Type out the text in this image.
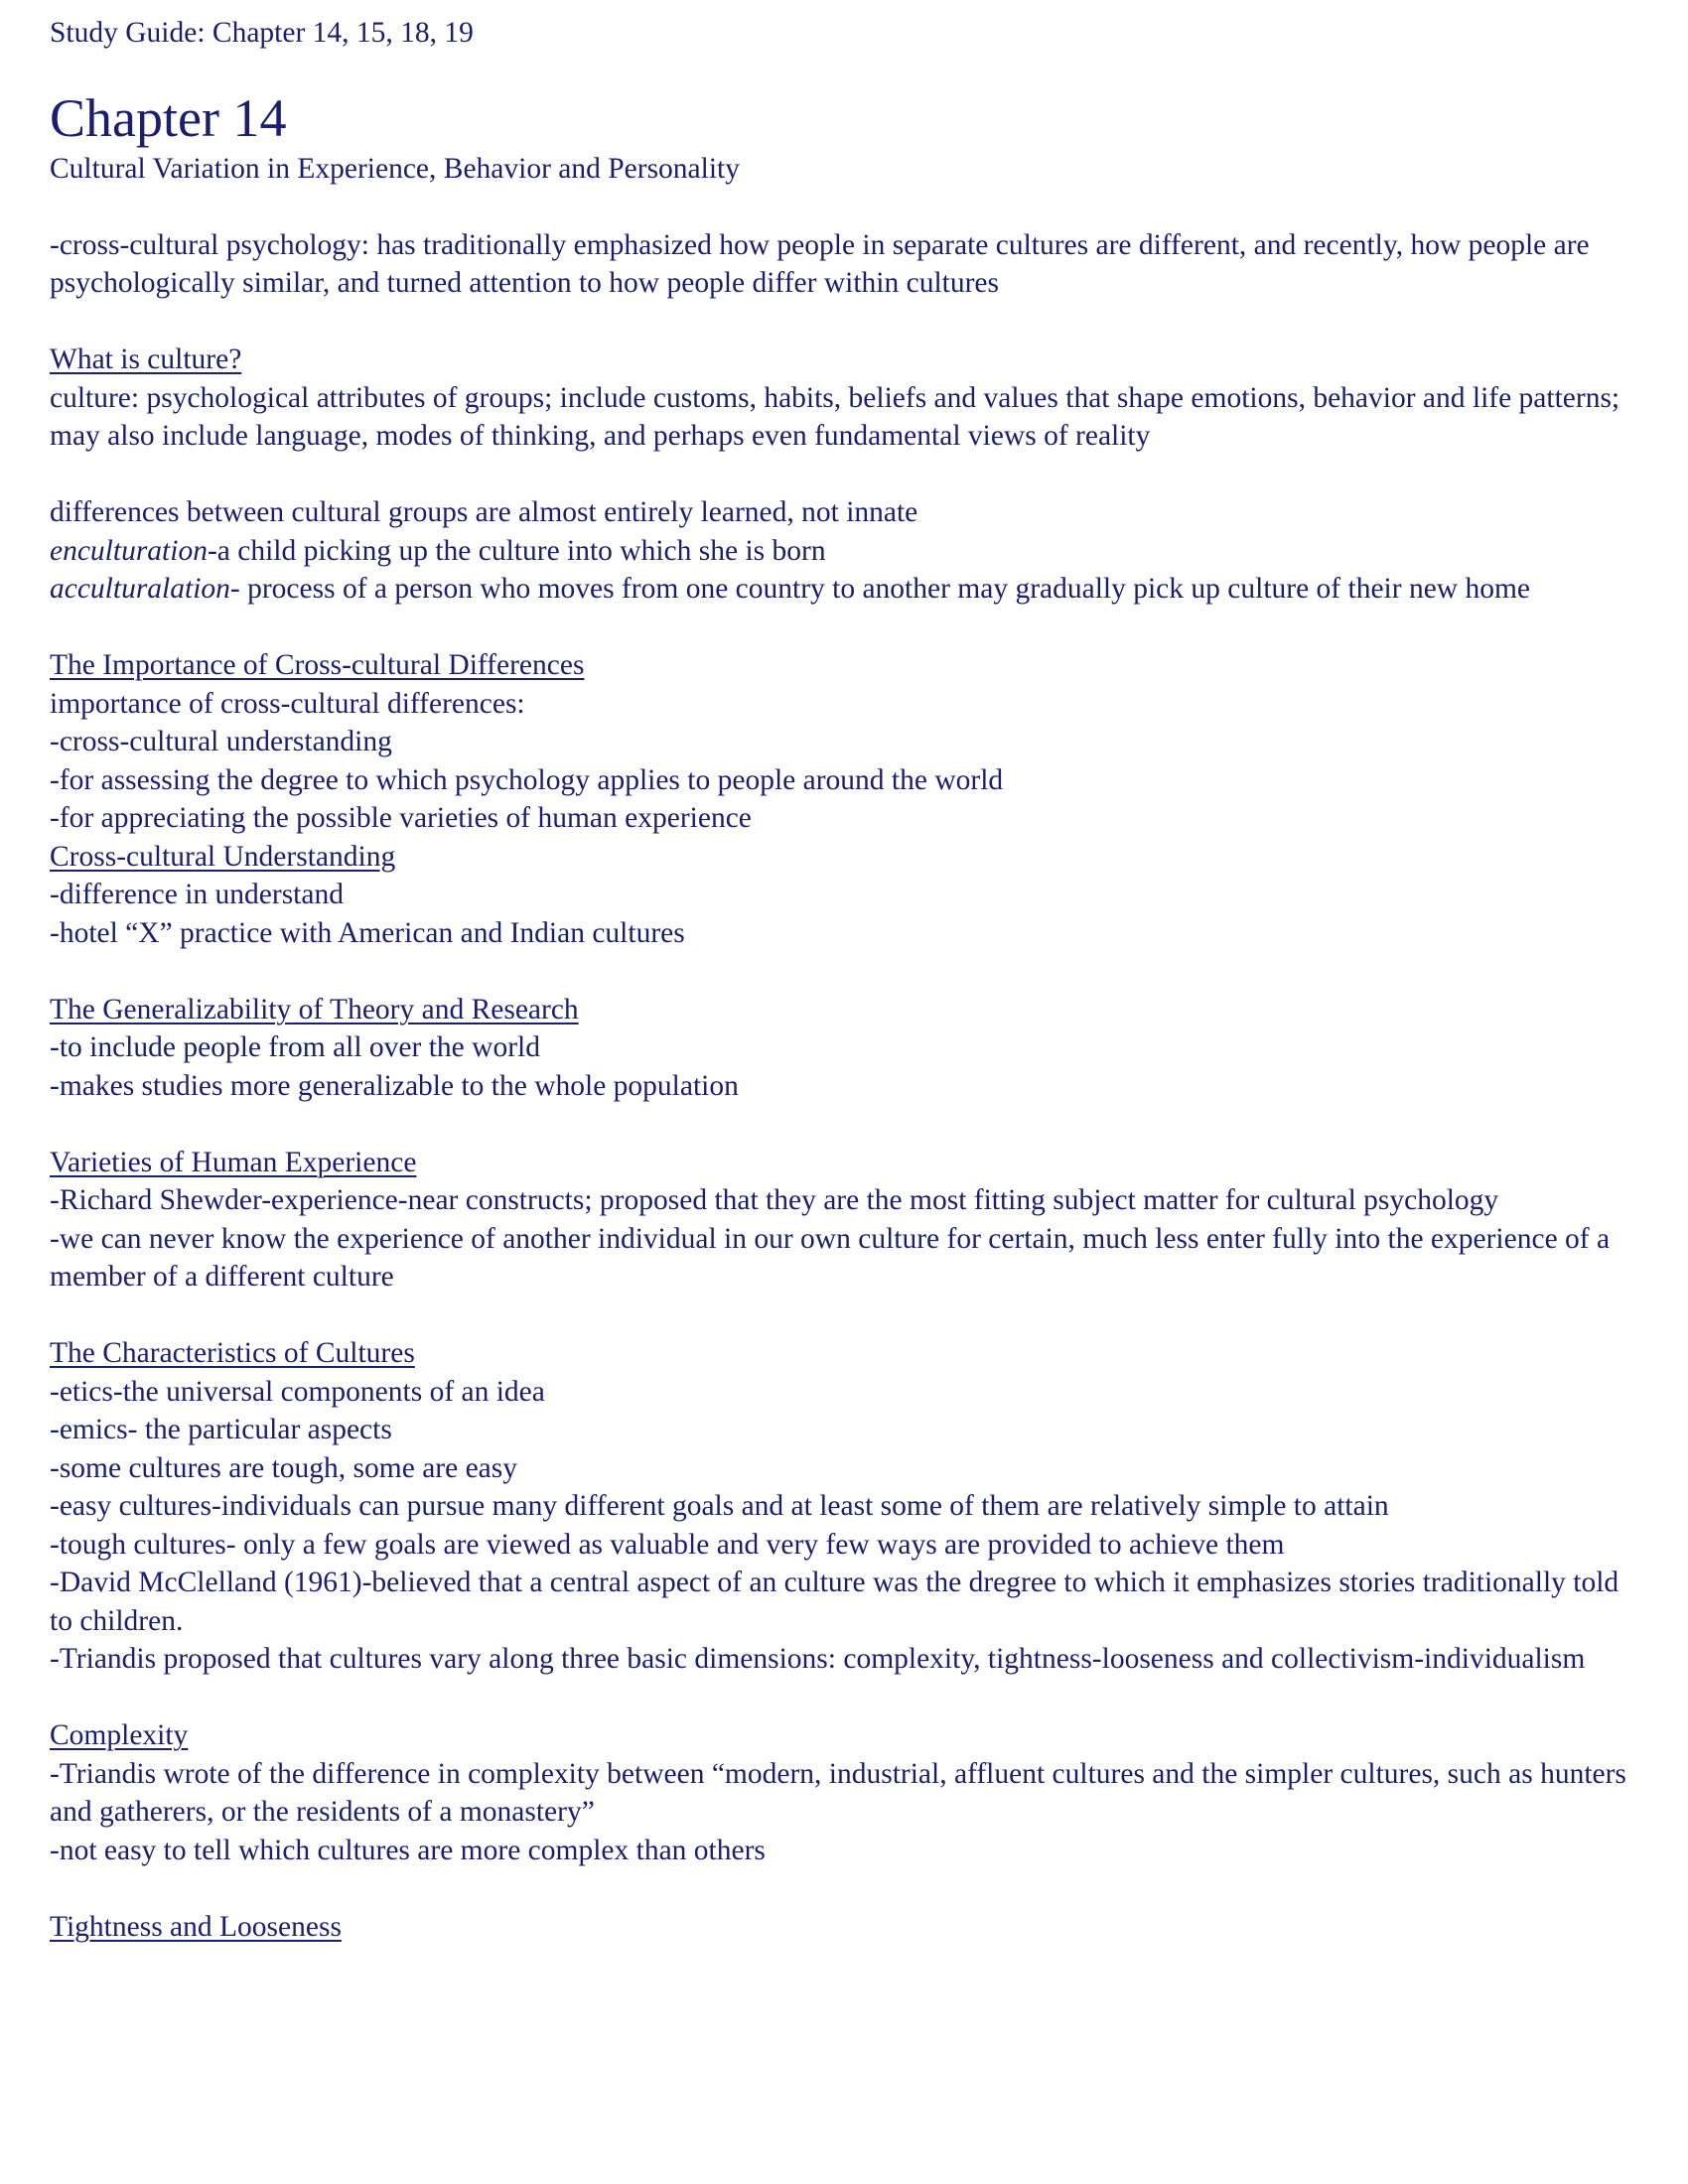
Study Guide: Chapter 14, 15, 18, 19

Chapter 14

Cultural Variation in Experience, Behavior and Personality

-cross-cultural psychology: has traditionally emphasized how people in separate cultures are different, and recently, how people are psychologically similar, and turned attention to how people differ within cultures

What is culture?
culture: psychological attributes of groups; include customs, habits, beliefs and values that shape emotions, behavior and life patterns; may also include language, modes of thinking, and perhaps even fundamental views of reality
differences between cultural groups are almost entirely learned, not innate
enculturation-a child picking up the culture into which she is born
acculturalation- process of a person who moves from one country to another may gradually pick up culture of their new home
The Importance of Cross-cultural Differences
importance of cross-cultural differences:
-cross-cultural understanding
-for assessing the degree to which psychology applies to people around the world
-for appreciating the possible varieties of human experience
Cross-cultural Understanding
-difference in understand
-hotel “X” practice with American and Indian cultures
The Generalizability of Theory and Research
-to include people from all over the world
-makes studies more generalizable to the whole population
Varieties of Human Experience
-Richard Shewder-experience-near constructs; proposed that they are the most fitting subject matter for cultural psychology
-we can never know the experience of another individual in our own culture for certain, much less enter fully into the experience of a member of a different culture
The Characteristics of Cultures
-etics-the universal components of an idea
-emics- the particular aspects
-some cultures are tough, some are easy
-easy cultures-individuals can pursue many different goals and at least some of them are relatively simple to attain
-tough cultures- only a few goals are viewed as valuable and very few ways are provided to achieve them
-David McClelland (1961)-believed that a central aspect of an culture was the dregree to which it emphasizes stories traditionally told to children.
-Triandis proposed that cultures vary along three basic dimensions: complexity, tightness-looseness and collectivism-individualism
Complexity
-Triandis wrote of the difference in complexity between “modern, industrial, affluent cultures and the simpler cultures, such as hunters and gatherers, or the residents of a monastery”
-not easy to tell which cultures are more complex than others
Tightness and Looseness
